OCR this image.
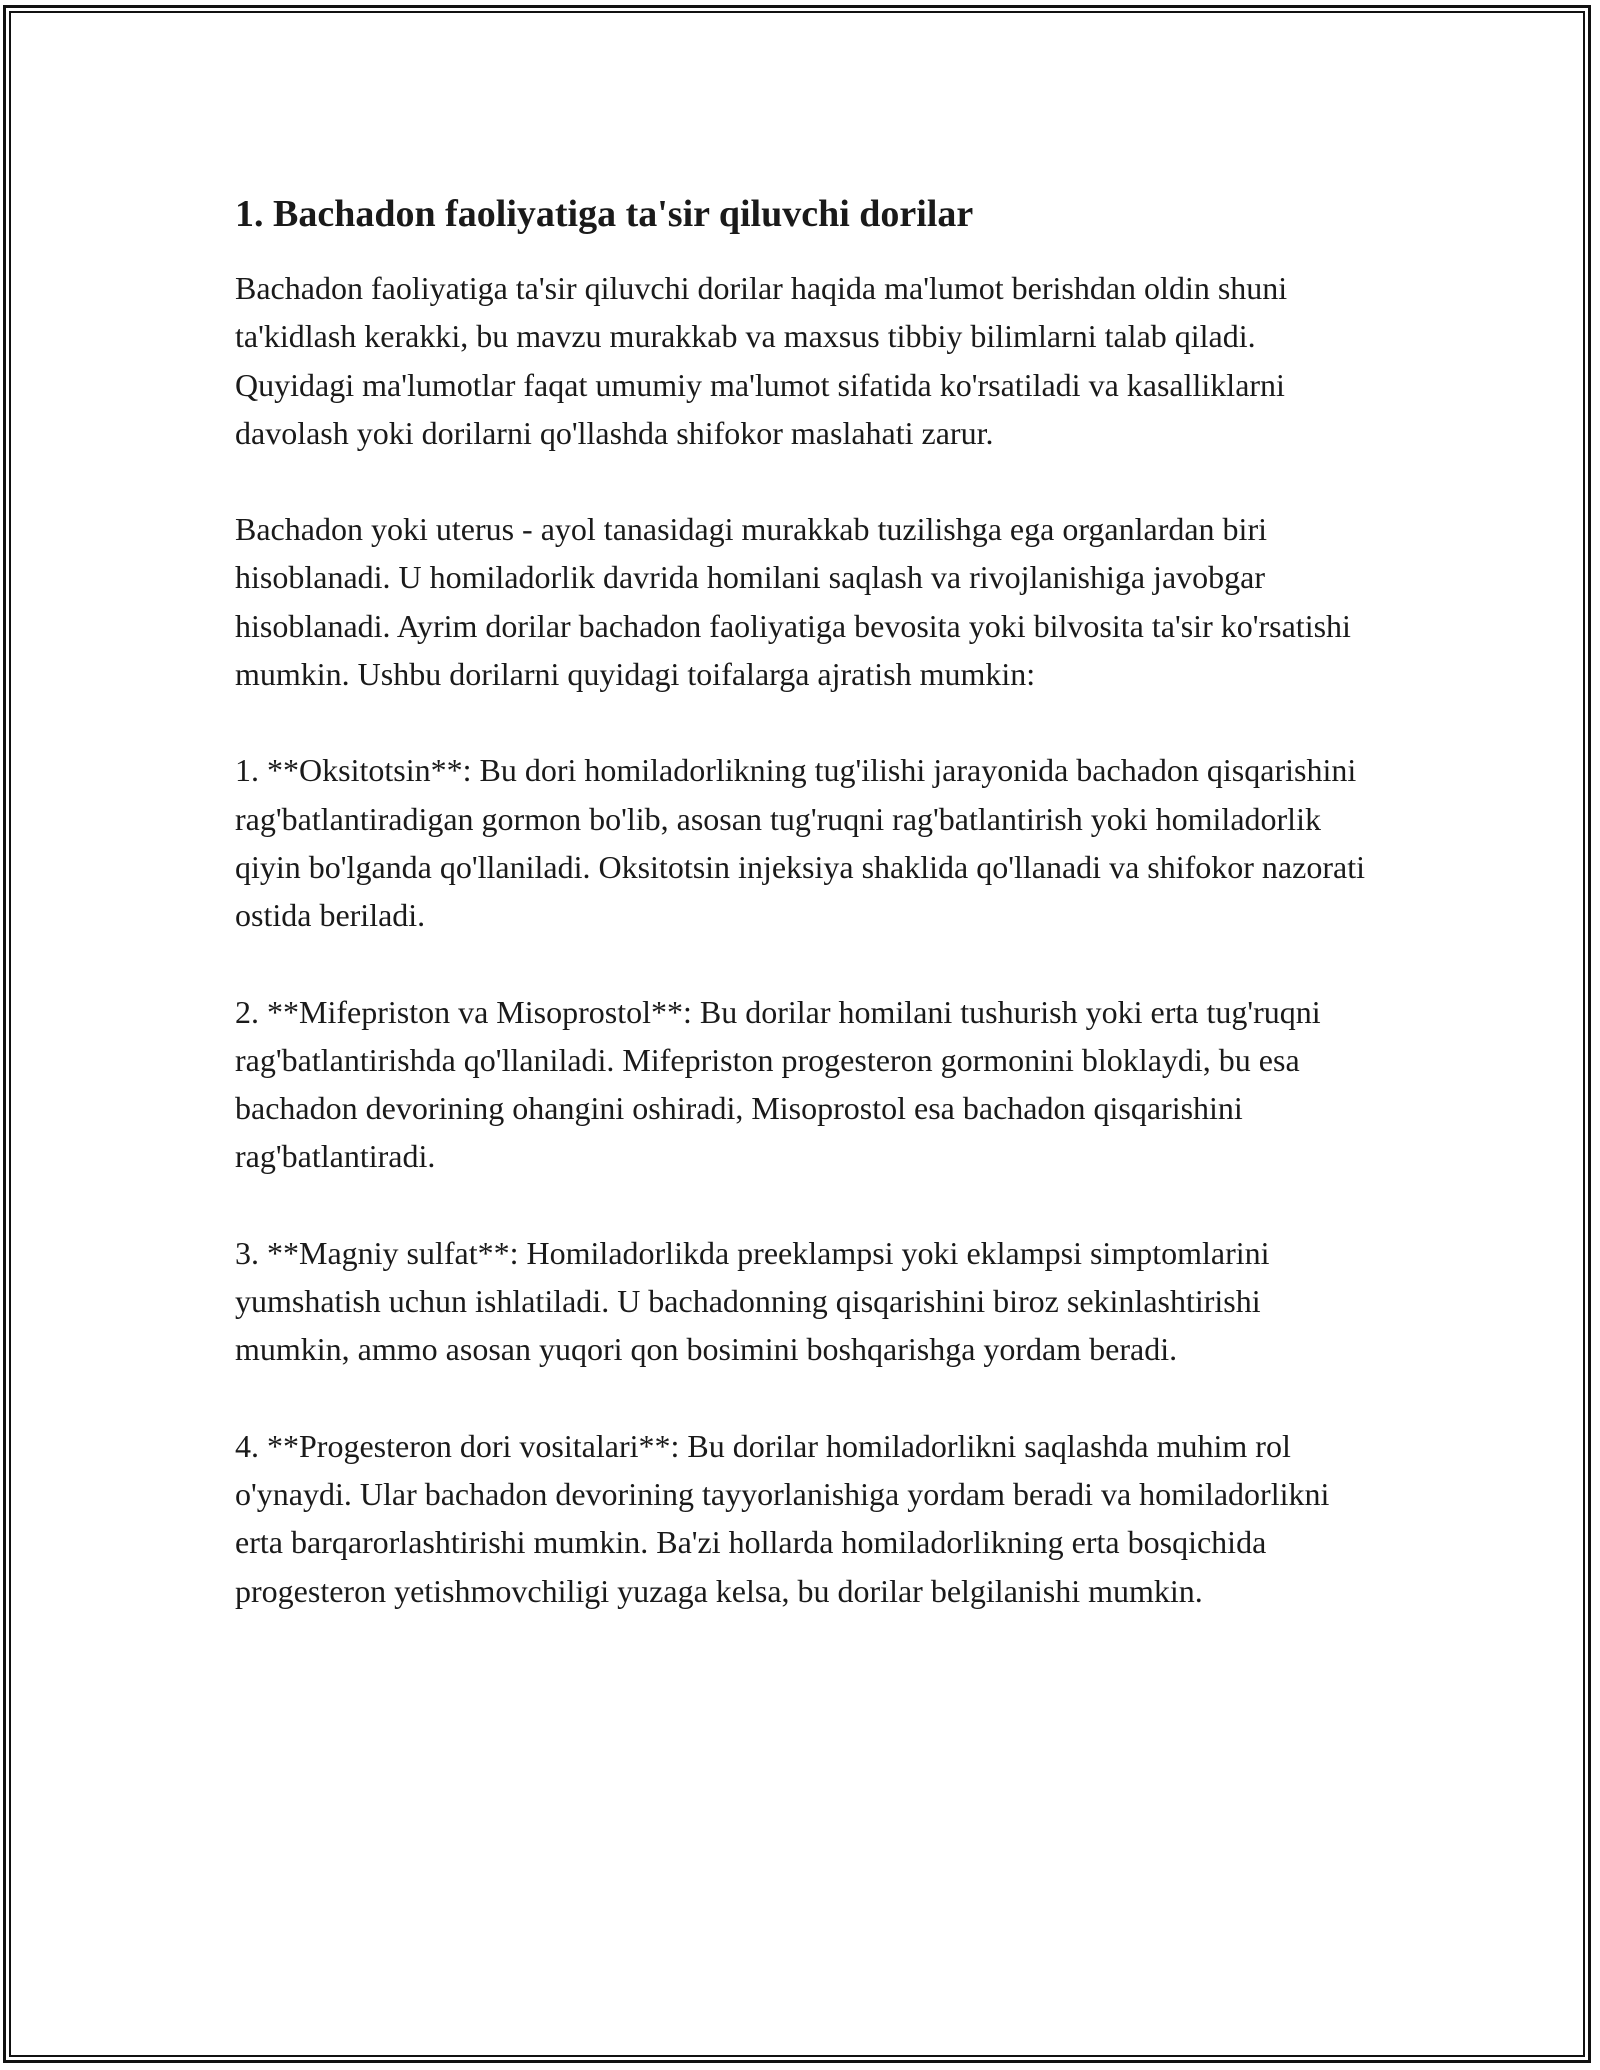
1. Bachadon faoliyatiga ta'sir qiluvchi dorilar

Bachadon faoliyatiga ta'sir qiluvchi dorilar haqida ma'lumot berishdan oldin shuni ta'kidlash kerakki, bu mavzu murakkab va maxsus tibbiy bilimlarni talab qiladi. Quyidagi ma'lumotlar faqat umumiy ma'lumot sifatida ko'rsatiladi va kasalliklarni davolash yoki dorilarni qo'llashda shifokor maslahati zarur.

Bachadon yoki uterus - ayol tanasidagi murakkab tuzilishga ega organlardan biri hisoblanadi. U homiladorlik davrida homilani saqlash va rivojlanishiga javobgar hisoblanadi. Ayrim dorilar bachadon faoliyatiga bevosita yoki bilvosita ta'sir ko'rsatishi mumkin. Ushbu dorilarni quyidagi toifalarga ajratish mumkin:

1. **Oksitotsin**: Bu dori homiladorlikning tug'ilishi jarayonida bachadon qisqarishini rag'batlantiradigan gormon bo'lib, asosan tug'ruqni rag'batlantirish yoki homiladorlik qiyin bo'lganda qo'llaniladi. Oksitotsin injeksiya shaklida qo'llanadi va shifokor nazorati ostida beriladi.

2. **Mifepriston va Misoprostol**: Bu dorilar homilani tushurish yoki erta tug'ruqni rag'batlantirishda qo'llaniladi. Mifepriston progesteron gormonini bloklaydi, bu esa bachadon devorining ohangini oshiradi, Misoprostol esa bachadon qisqarishini rag'batlantiradi.

3. **Magniy sulfat**: Homiladorlikda preeklampsi yoki eklampsi simptomlarini yumshatish uchun ishlatiladi. U bachadonning qisqarishini biroz sekinlashtirishi mumkin, ammo asosan yuqori qon bosimini boshqarishga yordam beradi.

4. **Progesteron dori vositalari**: Bu dorilar homiladorlikni saqlashda muhim rol o'ynaydi. Ular bachadon devorining tayyorlanishiga yordam beradi va homiladorlikni erta barqarorlashtirishi mumkin. Ba'zi hollarda homiladorlikning erta bosqichida progesteron yetishmovchiligi yuzaga kelsa, bu dorilar belgilanishi mumkin.
